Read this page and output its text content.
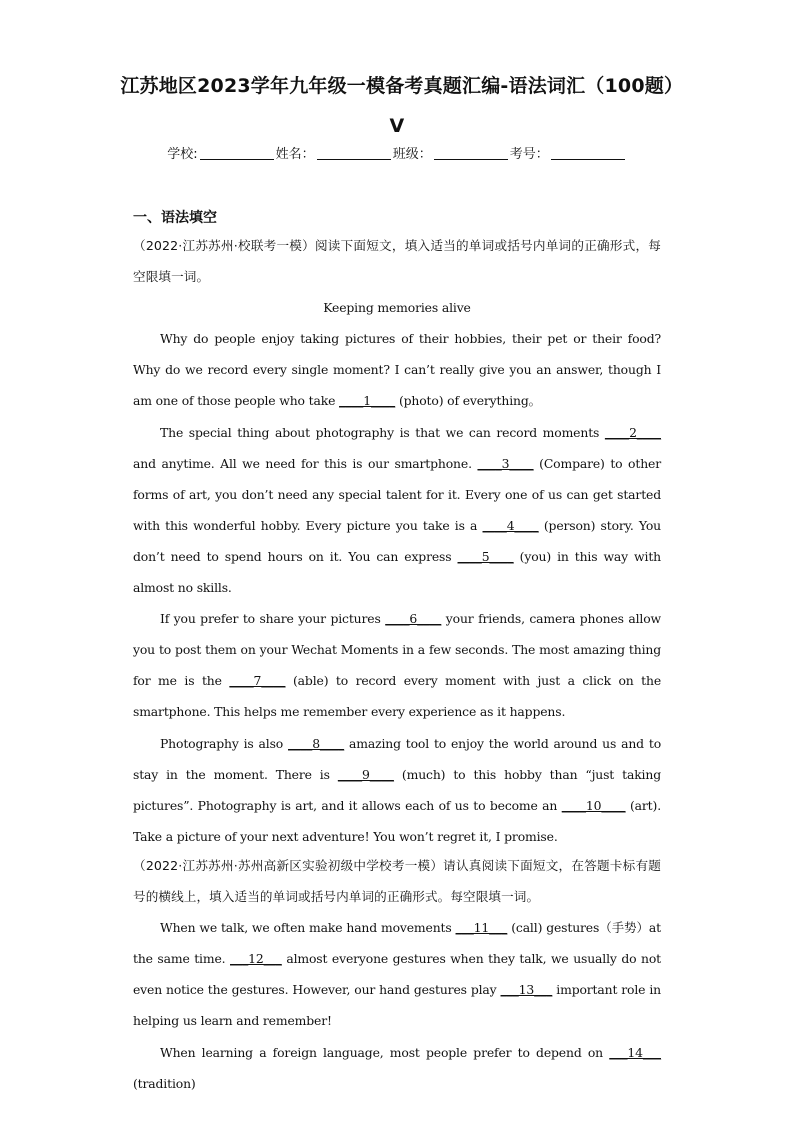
江苏地区2023学年九年级一模备考真题汇编-语法词汇（100题）Ⅴ
学校:	姓名：	班级：	考号：
一、语法填空

（2022·江苏苏州·校联考一模）阅读下面短文，填入适当的单词或括号内单词的正确形式，每空限填一词。

Keeping memories alive

Why do people enjoy taking pictures of their hobbies, their pet or their food? Why do we record every single moment? I can’t really give you an answer, though I am one of those people who take ____1____ (photo) of everything。

The special thing about photography is that we can record moments ____2____ and anytime. All we need for this is our smartphone. ____3____ (Compare) to other forms of art, you don’t need any special talent for it. Every one of us can get started with this wonderful hobby. Every picture you take is a ____4____ (person) story. You don’t need to spend hours on it. You can express ____5____ (you) in this way with almost no skills.

If you prefer to share your pictures ____6____ your friends, camera phones allow you to post them on your Wechat Moments in a few seconds. The most amazing thing for me is the ____7____ (able) to record every moment with just a click on the smartphone. This helps me remember every experience as it happens.

Photography is also ____8____ amazing tool to enjoy the world around us and to stay in the moment. There is ____9____ (much) to this hobby than “just taking pictures”. Photography is art, and it allows each of us to become an ____10____ (art). Take a picture of your next adventure! You won’t regret it, I promise.

（2022·江苏苏州·苏州高新区实验初级中学校考一模）请认真阅读下面短文，在答题卡标有题号的横线上，填入适当的单词或括号内单词的正确形式。每空限填一词。

When we talk, we often make hand movements ___11___ (call) gestures（手势）at the same time. ___12___ almost everyone gestures when they talk, we usually do not even notice the gestures. However, our hand gestures play ___13___ important role in helping us learn and remember!

When learning a foreign language, most people prefer to depend on ___14___ (tradition)
